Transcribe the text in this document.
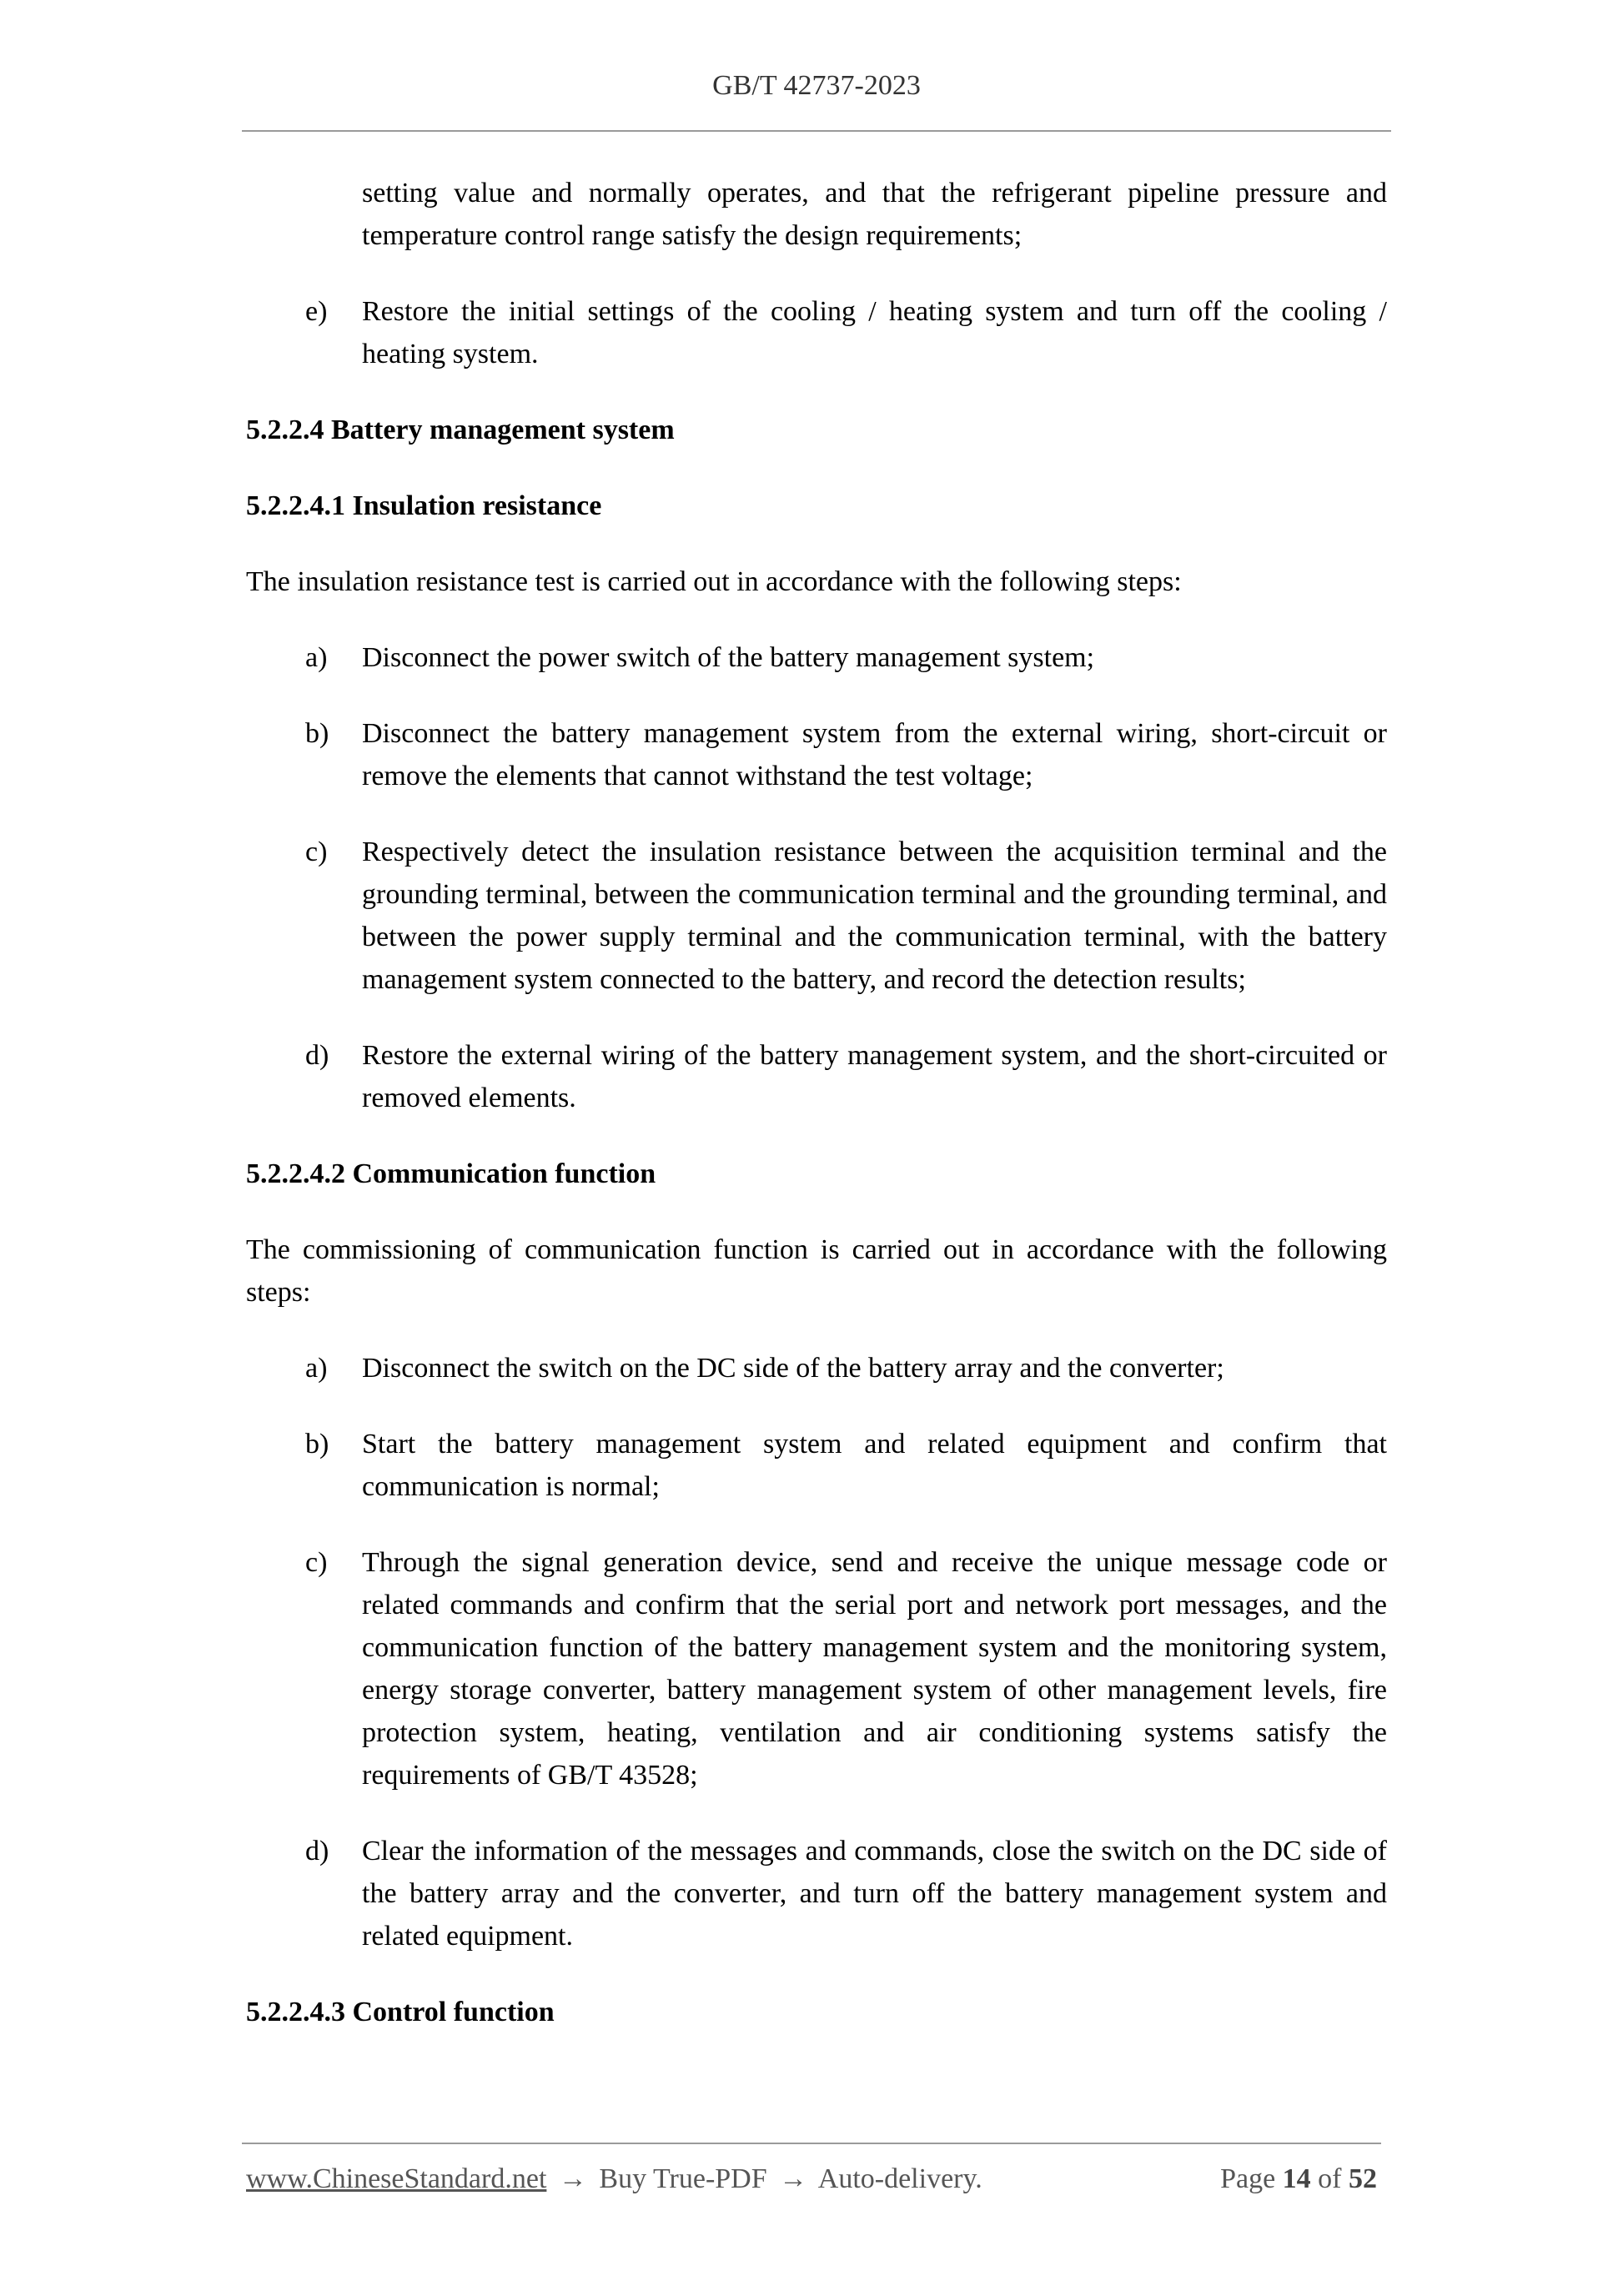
GB/T 42737-2023
setting value and normally operates, and that the refrigerant pipeline pressure and temperature control range satisfy the design requirements;
e)	Restore the initial settings of the cooling / heating system and turn off the cooling / heating system.
5.2.2.4 Battery management system
5.2.2.4.1 Insulation resistance
The insulation resistance test is carried out in accordance with the following steps:
a)	Disconnect the power switch of the battery management system;
b)	Disconnect the battery management system from the external wiring, short-circuit or remove the elements that cannot withstand the test voltage;
c)	Respectively detect the insulation resistance between the acquisition terminal and the grounding terminal, between the communication terminal and the grounding terminal, and between the power supply terminal and the communication terminal, with the battery management system connected to the battery, and record the detection results;
d)	Restore the external wiring of the battery management system, and the short-circuited or removed elements.
5.2.2.4.2 Communication function
The commissioning of communication function is carried out in accordance with the following steps:
a)	Disconnect the switch on the DC side of the battery array and the converter;
b)	Start the battery management system and related equipment and confirm that communication is normal;
c)	Through the signal generation device, send and receive the unique message code or related commands and confirm that the serial port and network port messages, and the communication function of the battery management system and the monitoring system, energy storage converter, battery management system of other management levels, fire protection system, heating, ventilation and air conditioning systems satisfy the requirements of GB/T 43528;
d)	Clear the information of the messages and commands, close the switch on the DC side of the battery array and the converter, and turn off the battery management system and related equipment.
5.2.2.4.3 Control function
www.ChineseStandard.net → Buy True-PDF → Auto-delivery.	Page 14 of 52
